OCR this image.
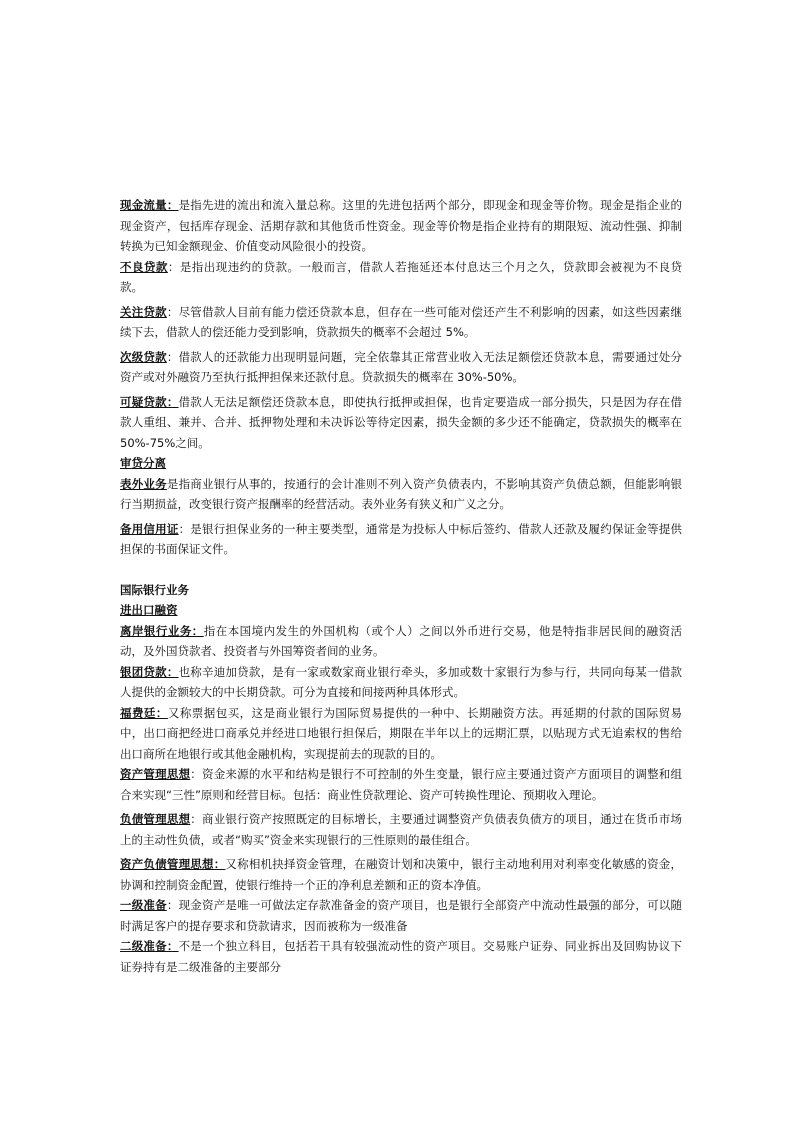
现金流量：是指先进的流出和流入量总称。这里的先进包括两个部分，即现金和现金等价物。现金是指企业的现金资产，包括库存现金、活期存款和其他货币性资金。现金等价物是指企业持有的期限短、流动性强、抑制转换为已知金额现金、价值变动风险很小的投资。

不良贷款：是指出现违约的贷款。一般而言，借款人若拖延还本付息达三个月之久，贷款即会被视为不良贷款。

关注贷款：尽管借款人目前有能力偿还贷款本息，但存在一些可能对偿还产生不利影响的因素，如这些因素继续下去，借款人的偿还能力受到影响，贷款损失的概率不会超过 5%。

次级贷款：借款人的还款能力出现明显问题，完全依靠其正常营业收入无法足额偿还贷款本息，需要通过处分资产或对外融资乃至执行抵押担保来还款付息。贷款损失的概率在 30%-50%。

可疑贷款：借款人无法足额偿还贷款本息，即使执行抵押或担保，也肯定要造成一部分损失，只是因为存在借款人重组、兼并、合并、抵押物处理和未决诉讼等待定因素，损失金额的多少还不能确定，贷款损失的概率在 50%-75%之间。

审贷分离

表外业务是指商业银行从事的，按通行的会计准则不列入资产负债表内，不影响其资产负债总额，但能影响银行当期损益，改变银行资产报酬率的经营活动。表外业务有狭义和广义之分。

备用信用证：是银行担保业务的一种主要类型，通常是为投标人中标后签约、借款人还款及履约保证金等提供担保的书面保证文件。

国际银行业务

进出口融资

离岸银行业务：指在本国境内发生的外国机构（或个人）之间以外币进行交易，他是特指非居民间的融资活动，及外国贷款者、投资者与外国筹资者间的业务。

银团贷款：也称辛迪加贷款，是有一家或数家商业银行牵头，多加或数十家银行为参与行，共同向每某一借款人提供的金额较大的中长期贷款。可分为直接和间接两种具体形式。

福费廷：又称票据包买，这是商业银行为国际贸易提供的一种中、长期融资方法。再延期的付款的国际贸易中，出口商把经进口商承兑并经进口地银行担保后，期限在半年以上的远期汇票，以贴现方式无追索权的售给出口商所在地银行或其他金融机构，实现提前去的现款的目的。

资产管理思想：资金来源的水平和结构是银行不可控制的外生变量，银行应主要通过资产方面项目的调整和组合来实现“三性”原则和经营目标。包括：商业性贷款理论、资产可转换性理论、预期收入理论。

负债管理思想：商业银行资产按照既定的目标增长，主要通过调整资产负债表负债方的项目，通过在货币市场上的主动性负债，或者“购买”资金来实现银行的三性原则的最佳组合。

资产负债管理思想：又称相机抉择资金管理，在融资计划和决策中，银行主动地利用对利率变化敏感的资金，协调和控制资金配置，使银行维持一个正的净利息差额和正的资本净值。

一级准备：现金资产是唯一可做法定存款准备金的资产项目，也是银行全部资产中流动性最强的部分，可以随时满足客户的提存要求和贷款请求，因而被称为一级准备

二级准备：不是一个独立科目，包括若干具有较强流动性的资产项目。交易账户证券、同业拆出及回购协议下证券持有是二级准备的主要部分
